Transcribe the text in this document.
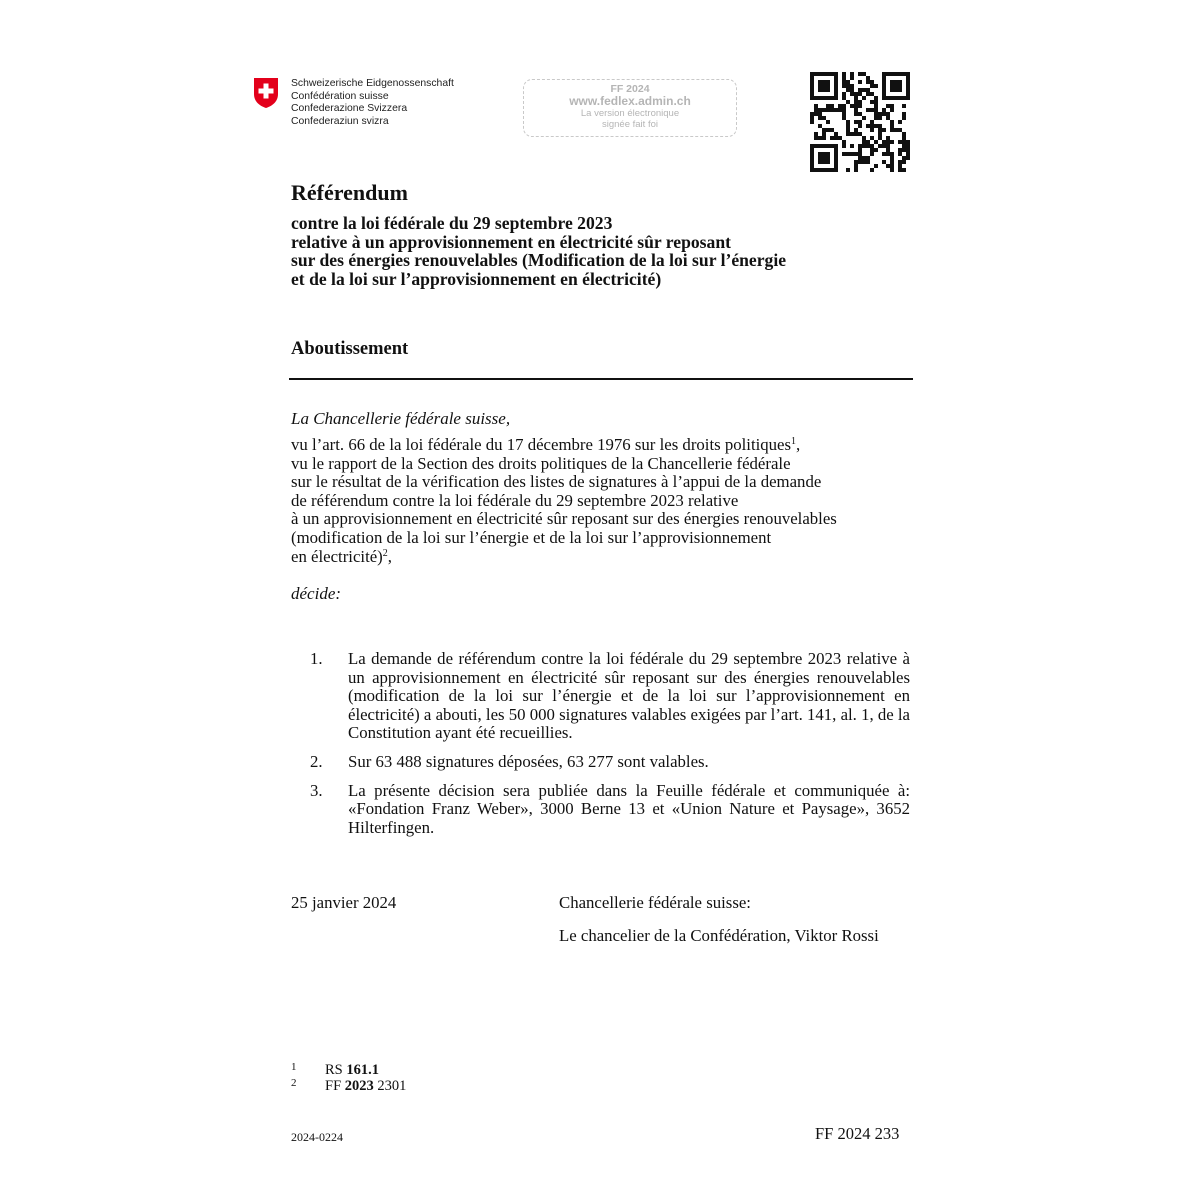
Schweizerische Eidgenossenschaft
Confédération suisse
Confederazione Svizzera
Confederaziun svizra
FF 2024
www.fedlex.admin.ch
La version électronique
signée fait foi
Référendum
contre la loi fédérale du 29 septembre 2023
relative à un approvisionnement en électricité sûr reposant
sur des énergies renouvelables (Modification de la loi sur l’énergie
et de la loi sur l’approvisionnement en électricité)
Aboutissement
La Chancellerie fédérale suisse,
vu l’art. 66 de la loi fédérale du 17 décembre 1976 sur les droits politiques$^1$,
vu le rapport de la Section des droits politiques de la Chancellerie fédérale
sur le résultat de la vérification des listes de signatures à l’appui de la demande
de référendum contre la loi fédérale du 29 septembre 2023 relative
à un approvisionnement en électricité sûr reposant sur des énergies renouvelables
(modification de la loi sur l’énergie et de la loi sur l’approvisionnement
en électricité)$^2$,
décide:
1. La demande de référendum contre la loi fédérale du 29 septembre 2023 relative à un approvisionnement en électricité sûr reposant sur des énergies renouvelables (modification de la loi sur l’énergie et de la loi sur l’approvisionnement en électricité) a abouti, les 50 000 signatures valables exigées par l’art. 141, al. 1, de la Constitution ayant été recueillies.
2. Sur 63 488 signatures déposées, 63 277 sont valables.
3. La présente décision sera publiée dans la Feuille fédérale et communiquée à: «Fondation Franz Weber», 3000 Berne 13 et «Union Nature et Paysage», 3652 Hilterfingen.
25 janvier 2024	Chancellerie fédérale suisse:
Le chancelier de la Confédération, Viktor Rossi
1 RS 161.1
2 FF 2023 2301
2024-0224	FF 2024 233
